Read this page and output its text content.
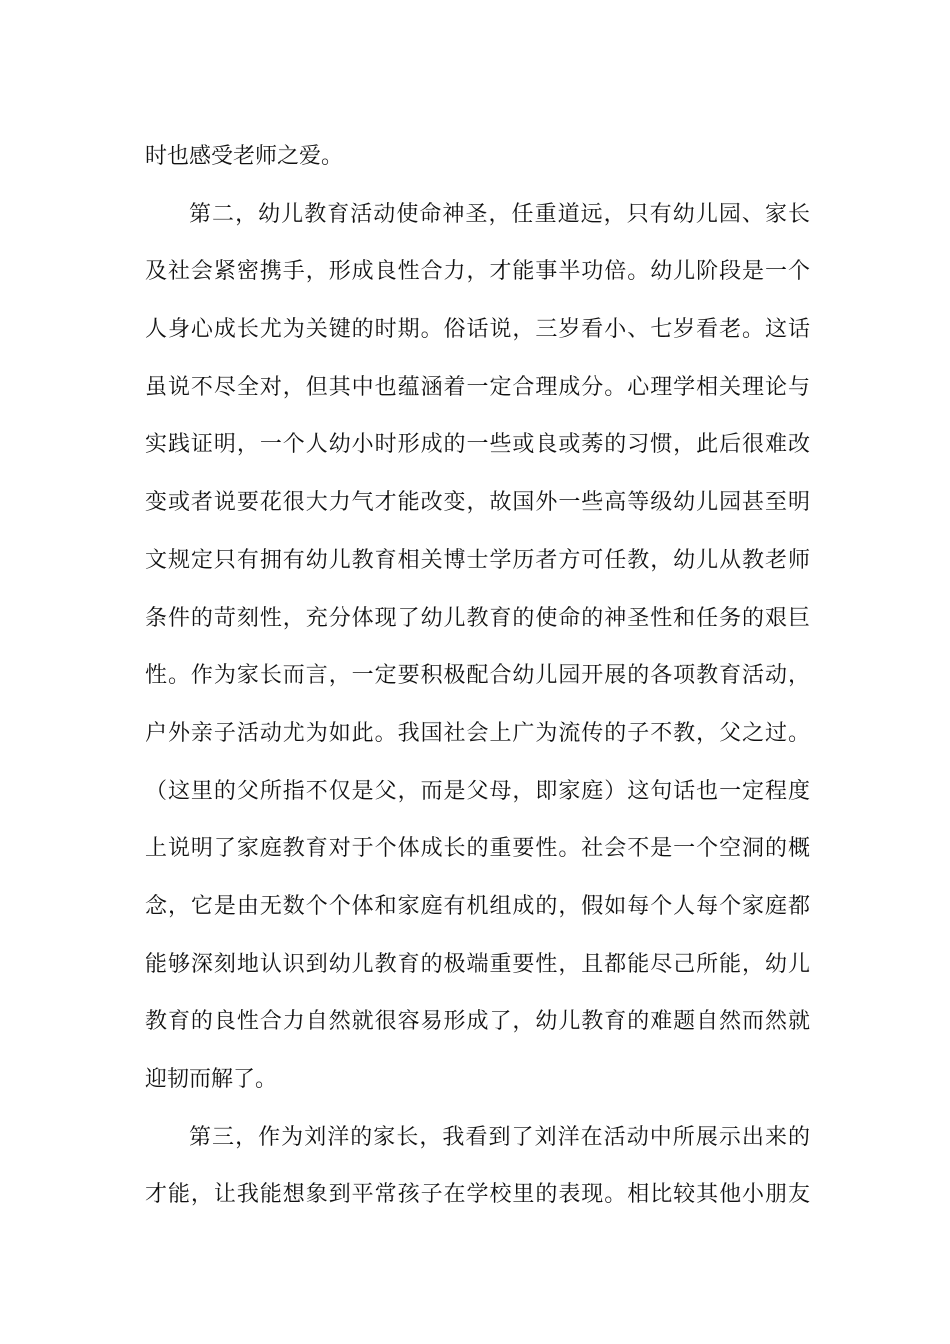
时也感受老师之爱。
第二，幼儿教育活动使命神圣，任重道远，只有幼儿园、家长
及社会紧密携手，形成良性合力，才能事半功倍。幼儿阶段是一个
人身心成长尤为关键的时期。俗话说，三岁看小、七岁看老。这话
虽说不尽全对，但其中也蕴涵着一定合理成分。心理学相关理论与
实践证明，一个人幼小时形成的一些或良或莠的习惯，此后很难改
变或者说要花很大力气才能改变，故国外一些高等级幼儿园甚至明
文规定只有拥有幼儿教育相关博士学历者方可任教，幼儿从教老师
条件的苛刻性，充分体现了幼儿教育的使命的神圣性和任务的艰巨
性。作为家长而言，一定要积极配合幼儿园开展的各项教育活动，
户外亲子活动尤为如此。我国社会上广为流传的子不教，父之过。
（这里的父所指不仅是父，而是父母，即家庭）这句话也一定程度
上说明了家庭教育对于个体成长的重要性。社会不是一个空洞的概
念，它是由无数个个体和家庭有机组成的，假如每个人每个家庭都
能够深刻地认识到幼儿教育的极端重要性，且都能尽己所能，幼儿
教育的良性合力自然就很容易形成了，幼儿教育的难题自然而然就
迎韧而解了。
第三，作为刘洋的家长，我看到了刘洋在活动中所展示出来的
才能，让我能想象到平常孩子在学校里的表现。相比较其他小朋友
